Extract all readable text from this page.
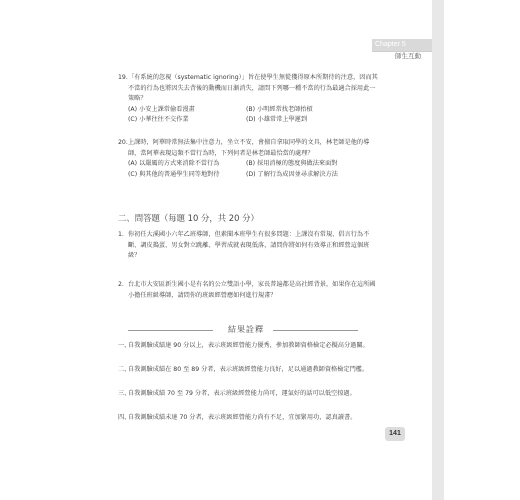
Chapter 5
師生互動
19. 「有系統的忽視（systematic ignoring）」旨在使學生無從獲得原本所期待的注意，因而其不當的行為也將因失去背後的動機而日漸消失，請問下列哪一種不當的行為最適合採用此一策略？
(A) 小安上課常偷看漫畫	(B) 小明經常找老師抬槓
(C) 小華往往不交作業	(D) 小雄常常上學遲到
20. 上課時，阿華時常無法集中注意力，坐立不安，會擅自拿取同學的文具，林老師是他的導師，當阿華表現這類不當行為時，下列何者是林老師最恰當的處理？
(A) 以嚴厲的方式來消除不當行為	(B) 採用消極的態度與做法來面對
(C) 與其他的普通學生同等地對待	(D) 了解行為成因並尋求解決方法
二、問答題（每題 10 分，共 20 分）
1. 你初任大溪國小六年乙班導師，但素聞本班學生有很多問題：上課沒有常規、倡言行為不斷、調皮搗蛋、男女對立跳離、學習成就表現低落，請問你將如何有效導正和經營這個班級？
2. 台北市大安區新生國小是有名的公立雙語小學，家長普遍都是高社經背景，如果你在這所國小擔任班級導師，請問你的班級經營應如何進行規畫？
結果詮釋
一、
自我測驗成績達 90 分以上，表示班級經營能力優秀，參加教師資格檢定必擬高分過關。
二、
自我測驗成績在 80 至 89 分者，表示班級經營能力良好，足以通過教師資格檢定門檻。
三、
自我測驗成績 70 至 79 分者，表示班級經營能力尚可，運氣好的話可以低空掠過。
四、
自我測驗成績未達 70 分者，表示班級經營能力尚有不足，宜加緊用功，認真讀書。
141
